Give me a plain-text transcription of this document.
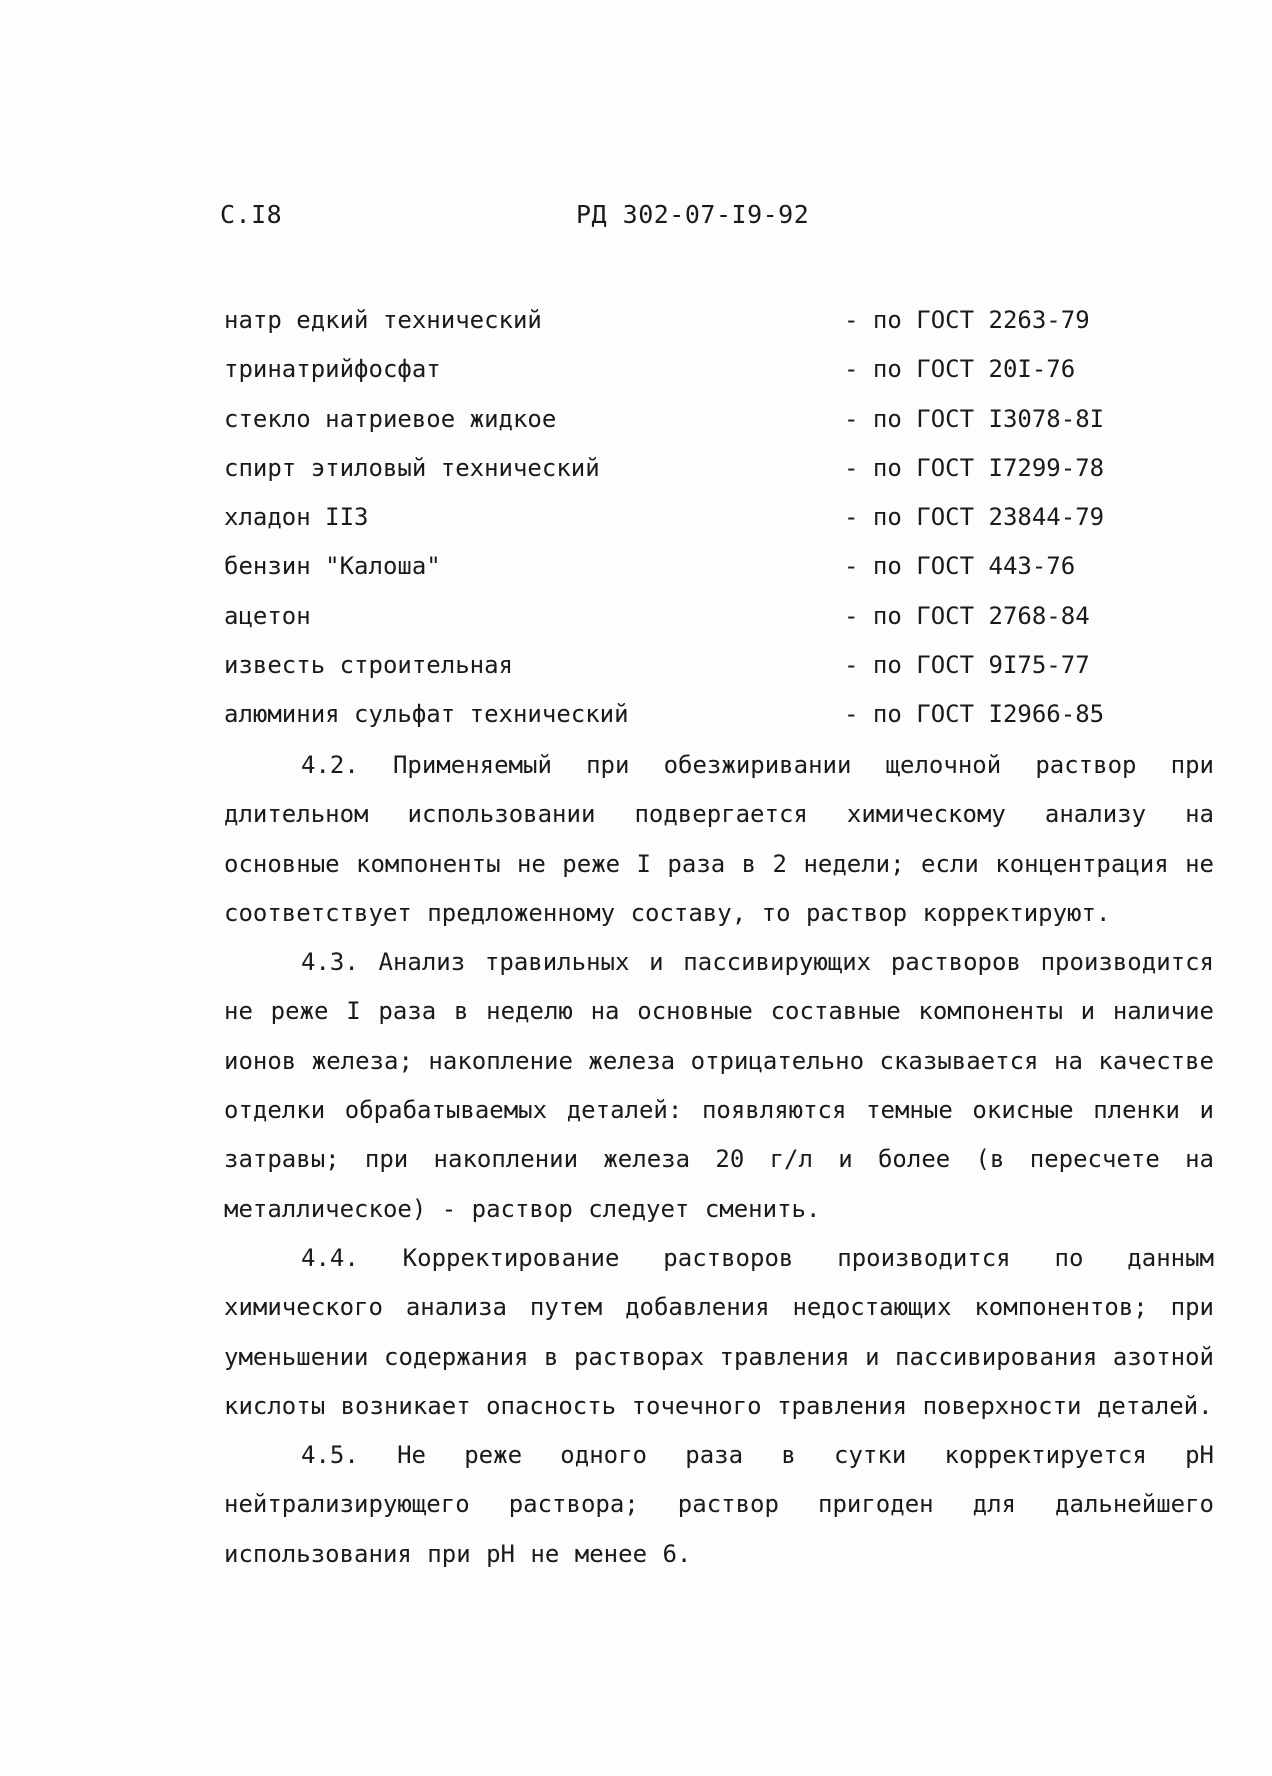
С.I8	РД 302-07-I9-92
натр едкий технический	- по ГОСТ 2263-79
тринатрийфосфат	- по ГОСТ 20I-76
стекло натриевое жидкое	- по ГОСТ I3078-8I
спирт этиловый технический	- по ГОСТ I7299-78
хладон II3	- по ГОСТ 23844-79
бензин "Калоша"	- по ГОСТ 443-76
ацетон	- по ГОСТ 2768-84
известь строительная	- по ГОСТ 9I75-77
алюминия сульфат технический	- по ГОСТ I2966-85

4.2. Применяемый при обезжиривании щелочной раствор при длительном использовании подвергается химическому анализу на основные компоненты не реже I раза в 2 недели; если концентрация не соответствует предложенному составу, то раствор корректируют.

4.3. Анализ травильных и пассивирующих растворов производится не реже I раза в неделю на основные составные компоненты и наличие ионов железа; накопление железа отрицательно сказывается на качестве отделки обрабатываемых деталей: появляются темные окисные пленки и затравы; при накоплении железа 20 г/л и более (в пересчете на металлическое) - раствор следует сменить.

4.4. Корректирование растворов производится по данным химического анализа путем добавления недостающих компонентов; при уменьшении содержания в растворах травления и пассивирования азотной кислоты возникает опасность точечного травления поверхности деталей.

4.5. Не реже одного раза в сутки корректируется pH нейтрализирующего раствора; раствор пригоден для дальнейшего использования при pH не менее 6.
